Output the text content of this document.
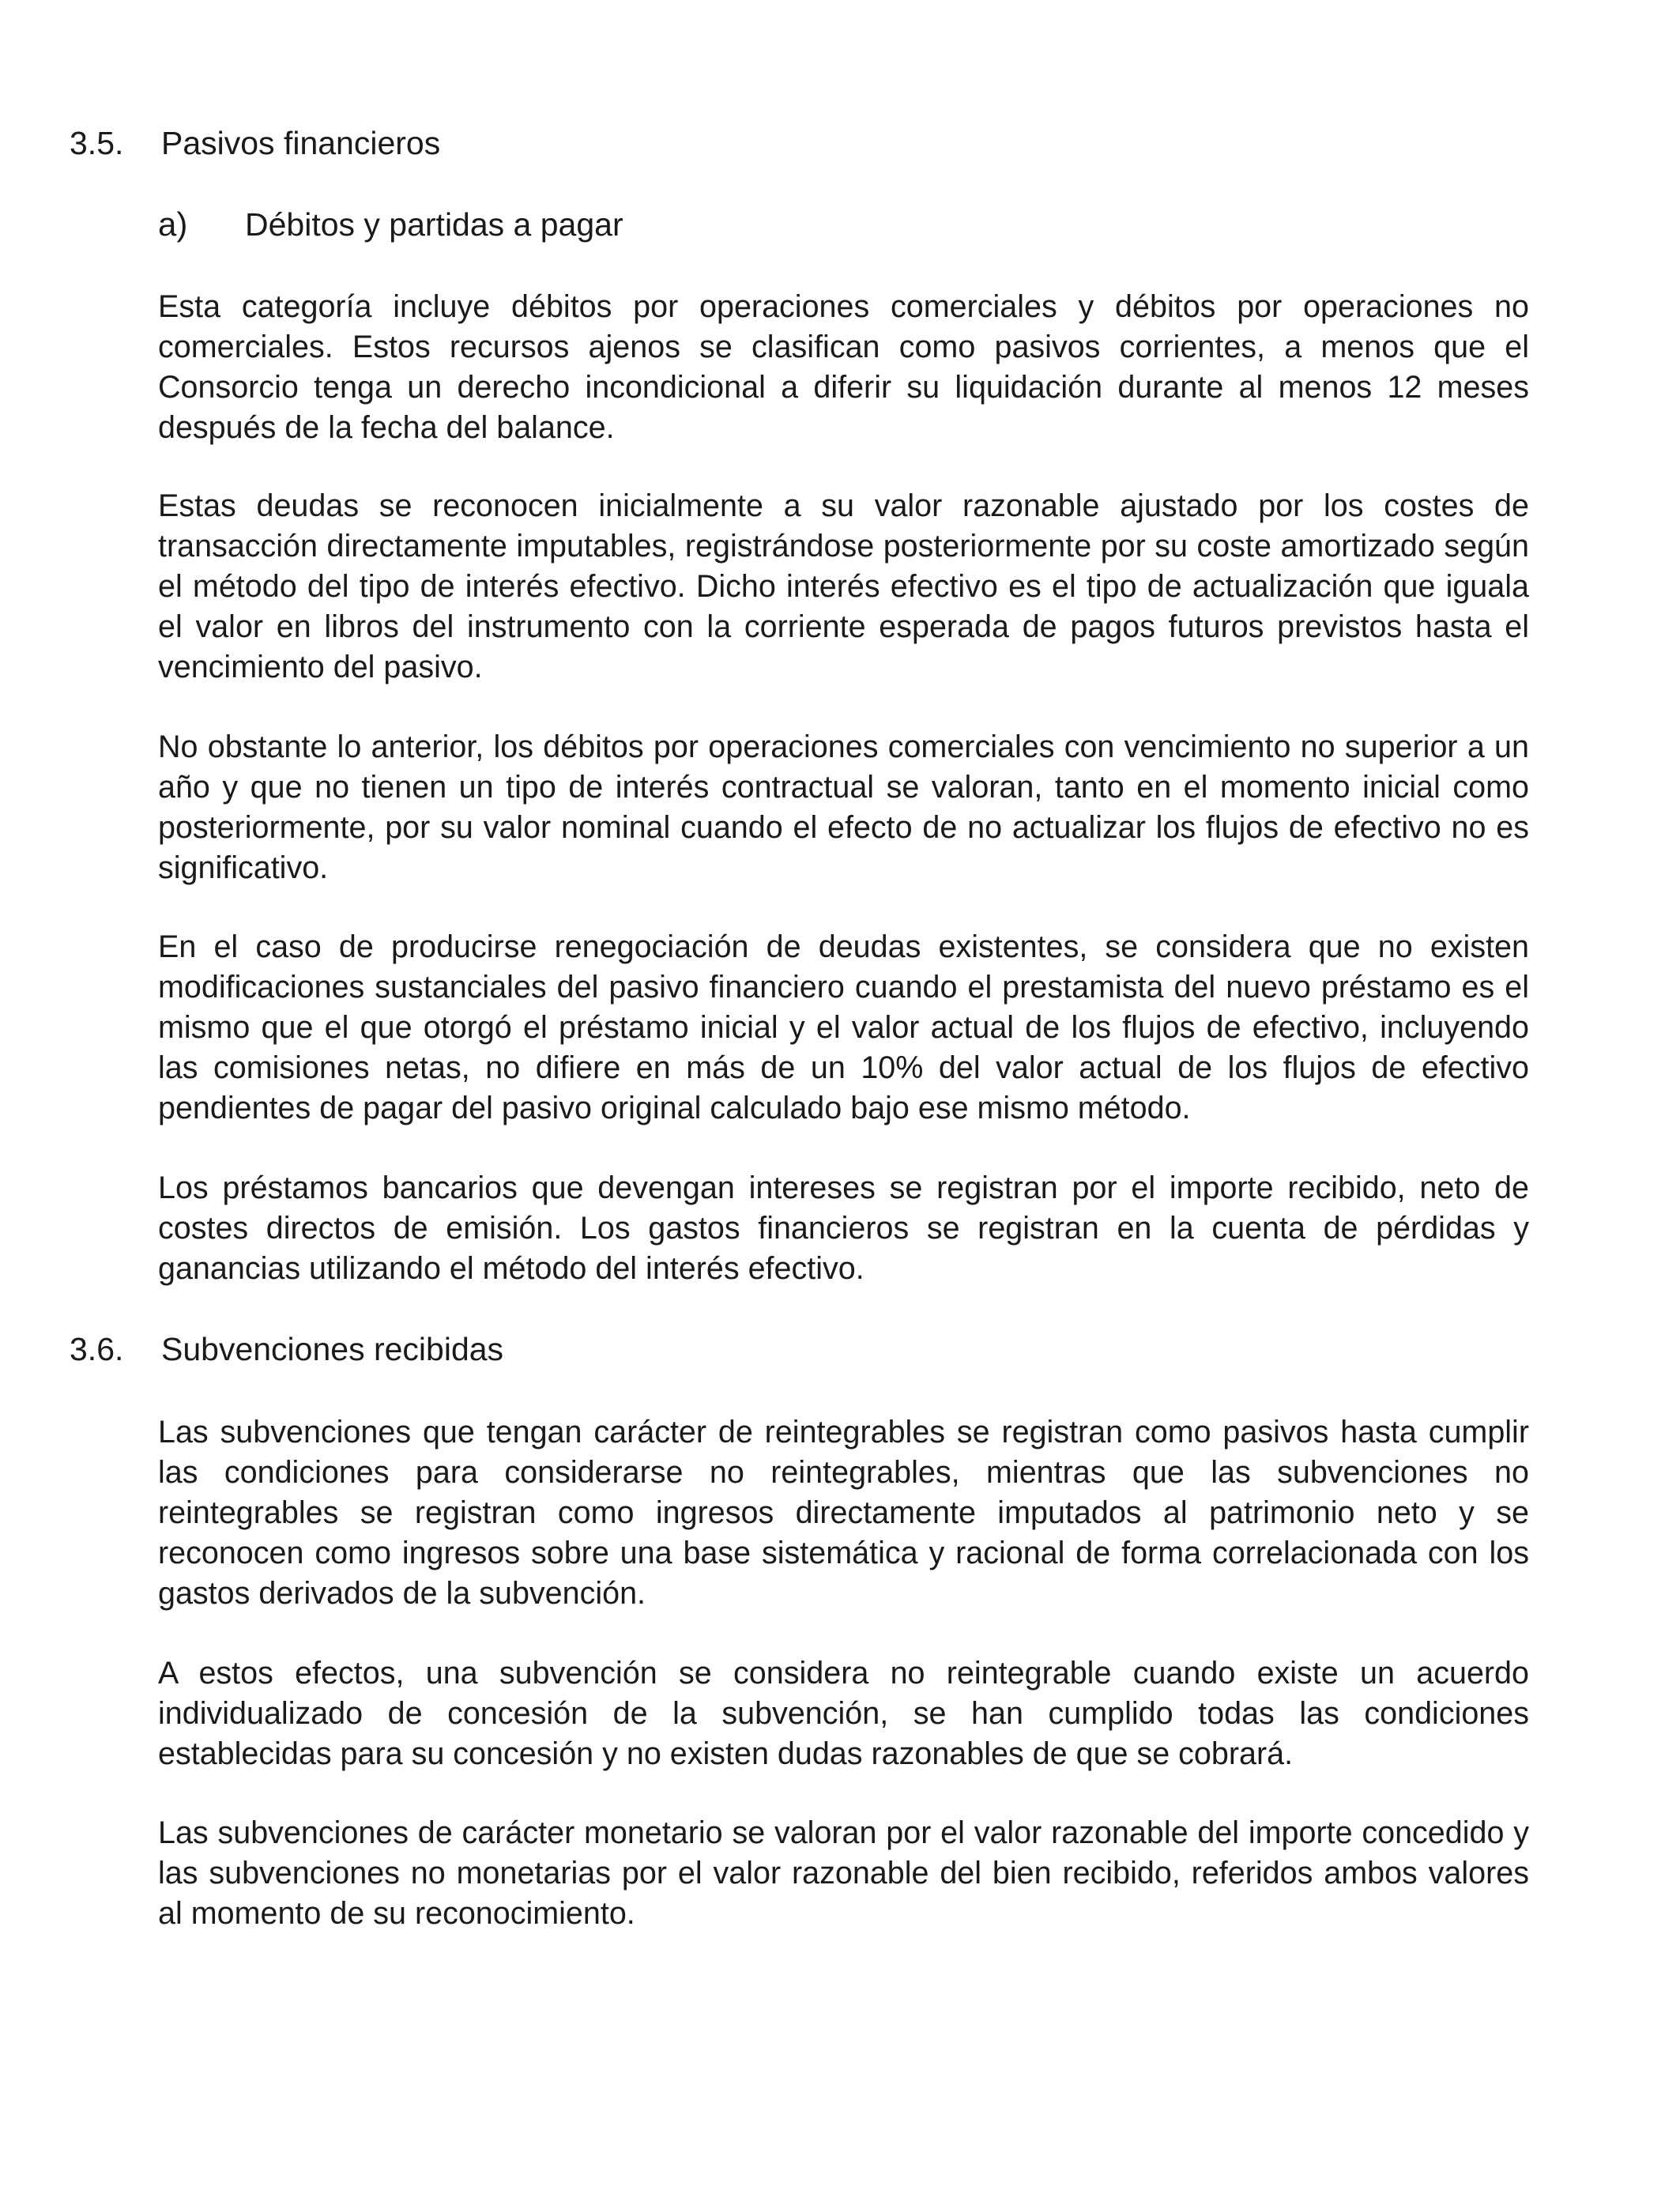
3.5. Pasivos financieros
a) Débitos y partidas a pagar

Esta categoría incluye débitos por operaciones comerciales y débitos por operaciones no comerciales. Estos recursos ajenos se clasifican como pasivos corrientes, a menos que el Consorcio tenga un derecho incondicional a diferir su liquidación durante al menos 12 meses después de la fecha del balance.

Estas deudas se reconocen inicialmente a su valor razonable ajustado por los costes de transacción directamente imputables, registrándose posteriormente por su coste amortizado según el método del tipo de interés efectivo. Dicho interés efectivo es el tipo de actualización que iguala el valor en libros del instrumento con la corriente esperada de pagos futuros previstos hasta el vencimiento del pasivo.

No obstante lo anterior, los débitos por operaciones comerciales con vencimiento no superior a un año y que no tienen un tipo de interés contractual se valoran, tanto en el momento inicial como posteriormente, por su valor nominal cuando el efecto de no actualizar los flujos de efectivo no es significativo.

En el caso de producirse renegociación de deudas existentes, se considera que no existen modificaciones sustanciales del pasivo financiero cuando el prestamista del nuevo préstamo es el mismo que el que otorgó el préstamo inicial y el valor actual de los flujos de efectivo, incluyendo las comisiones netas, no difiere en más de un 10% del valor actual de los flujos de efectivo pendientes de pagar del pasivo original calculado bajo ese mismo método.

Los préstamos bancarios que devengan intereses se registran por el importe recibido, neto de costes directos de emisión. Los gastos financieros se registran en la cuenta de pérdidas y ganancias utilizando el método del interés efectivo.

3.6. Subvenciones recibidas

Las subvenciones que tengan carácter de reintegrables se registran como pasivos hasta cumplir las condiciones para considerarse no reintegrables, mientras que las subvenciones no reintegrables se registran como ingresos directamente imputados al patrimonio neto y se reconocen como ingresos sobre una base sistemática y racional de forma correlacionada con los gastos derivados de la subvención.

A estos efectos, una subvención se considera no reintegrable cuando existe un acuerdo individualizado de concesión de la subvención, se han cumplido todas las condiciones establecidas para su concesión y no existen dudas razonables de que se cobrará.

Las subvenciones de carácter monetario se valoran por el valor razonable del importe concedido y las subvenciones no monetarias por el valor razonable del bien recibido, referidos ambos valores al momento de su reconocimiento.
